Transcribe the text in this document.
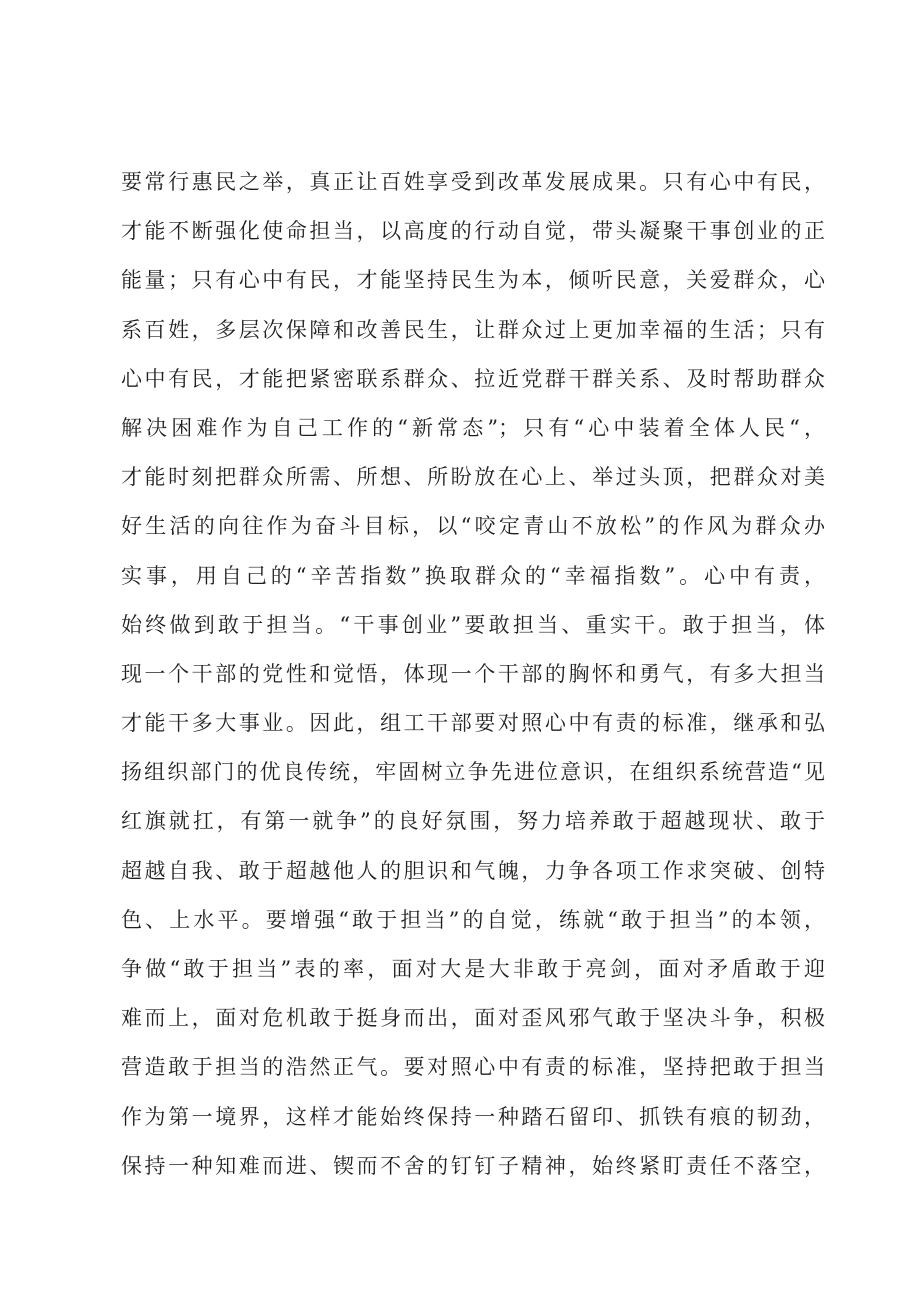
要常行惠民之举，真正让百姓享受到改革发展成果。只有心中有民，
才能不断强化使命担当，以高度的行动自觉，带头凝聚干事创业的正
能量；只有心中有民，才能坚持民生为本，倾听民意，关爱群众，心
系百姓，多层次保障和改善民生，让群众过上更加幸福的生活；只有
心中有民，才能把紧密联系群众、拉近党群干群关系、及时帮助群众
解决困难作为自己工作的“新常态”；只有“心中装着全体人民“，
才能时刻把群众所需、所想、所盼放在心上、举过头顶，把群众对美
好生活的向往作为奋斗目标，以“咬定青山不放松”的作风为群众办
实事，用自己的“辛苦指数”换取群众的“幸福指数”。心中有责，
始终做到敢于担当。“干事创业”要敢担当、重实干。敢于担当，体
现一个干部的党性和觉悟，体现一个干部的胸怀和勇气，有多大担当
才能干多大事业。因此，组工干部要对照心中有责的标准，继承和弘
扬组织部门的优良传统，牢固树立争先进位意识，在组织系统营造“见
红旗就扛，有第一就争”的良好氛围，努力培养敢于超越现状、敢于
超越自我、敢于超越他人的胆识和气魄，力争各项工作求突破、创特
色、上水平。要增强“敢于担当”的自觉，练就“敢于担当”的本领，
争做“敢于担当”表的率，面对大是大非敢于亮剑，面对矛盾敢于迎
难而上，面对危机敢于挺身而出，面对歪风邪气敢于坚决斗争，积极
营造敢于担当的浩然正气。要对照心中有责的标准，坚持把敢于担当
作为第一境界，这样才能始终保持一种踏石留印、抓铁有痕的韧劲，
保持一种知难而进、锲而不舍的钉钉子精神，始终紧盯责任不落空，
